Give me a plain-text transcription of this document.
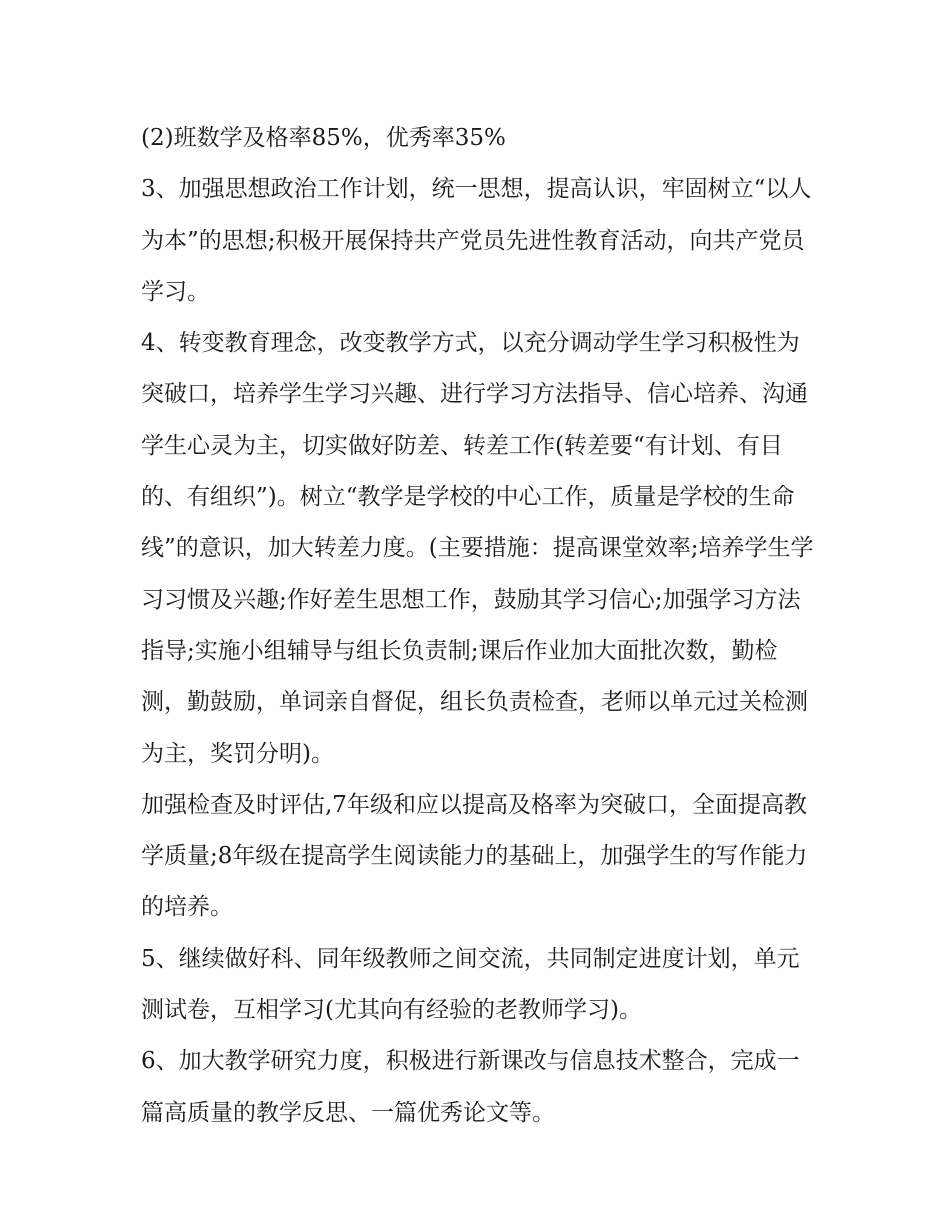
(2)班数学及格率85%，优秀率35%

3、加强思想政治工作计划，统一思想，提高认识，牢固树立“以人为本”的思想;积极开展保持共产党员先进性教育活动，向共产党员学习。

4、转变教育理念，改变教学方式，以充分调动学生学习积极性为突破口，培养学生学习兴趣、进行学习方法指导、信心培养、沟通学生心灵为主，切实做好防差、转差工作(转差要“有计划、有目的、有组织”)。树立“教学是学校的中心工作，质量是学校的生命线”的意识，加大转差力度。(主要措施：提高课堂效率;培养学生学习习惯及兴趣;作好差生思想工作，鼓励其学习信心;加强学习方法指导;实施小组辅导与组长负责制;课后作业加大面批次数，勤检测，勤鼓励，单词亲自督促，组长负责检查，老师以单元过关检测为主，奖罚分明)。

加强检查及时评估,7年级和应以提高及格率为突破口，全面提高教学质量;8年级在提高学生阅读能力的基础上，加强学生的写作能力的培养。

5、继续做好科、同年级教师之间交流，共同制定进度计划，单元测试卷，互相学习(尤其向有经验的老教师学习)。

6、加大教学研究力度，积极进行新课改与信息技术整合，完成一篇高质量的教学反思、一篇优秀论文等。
